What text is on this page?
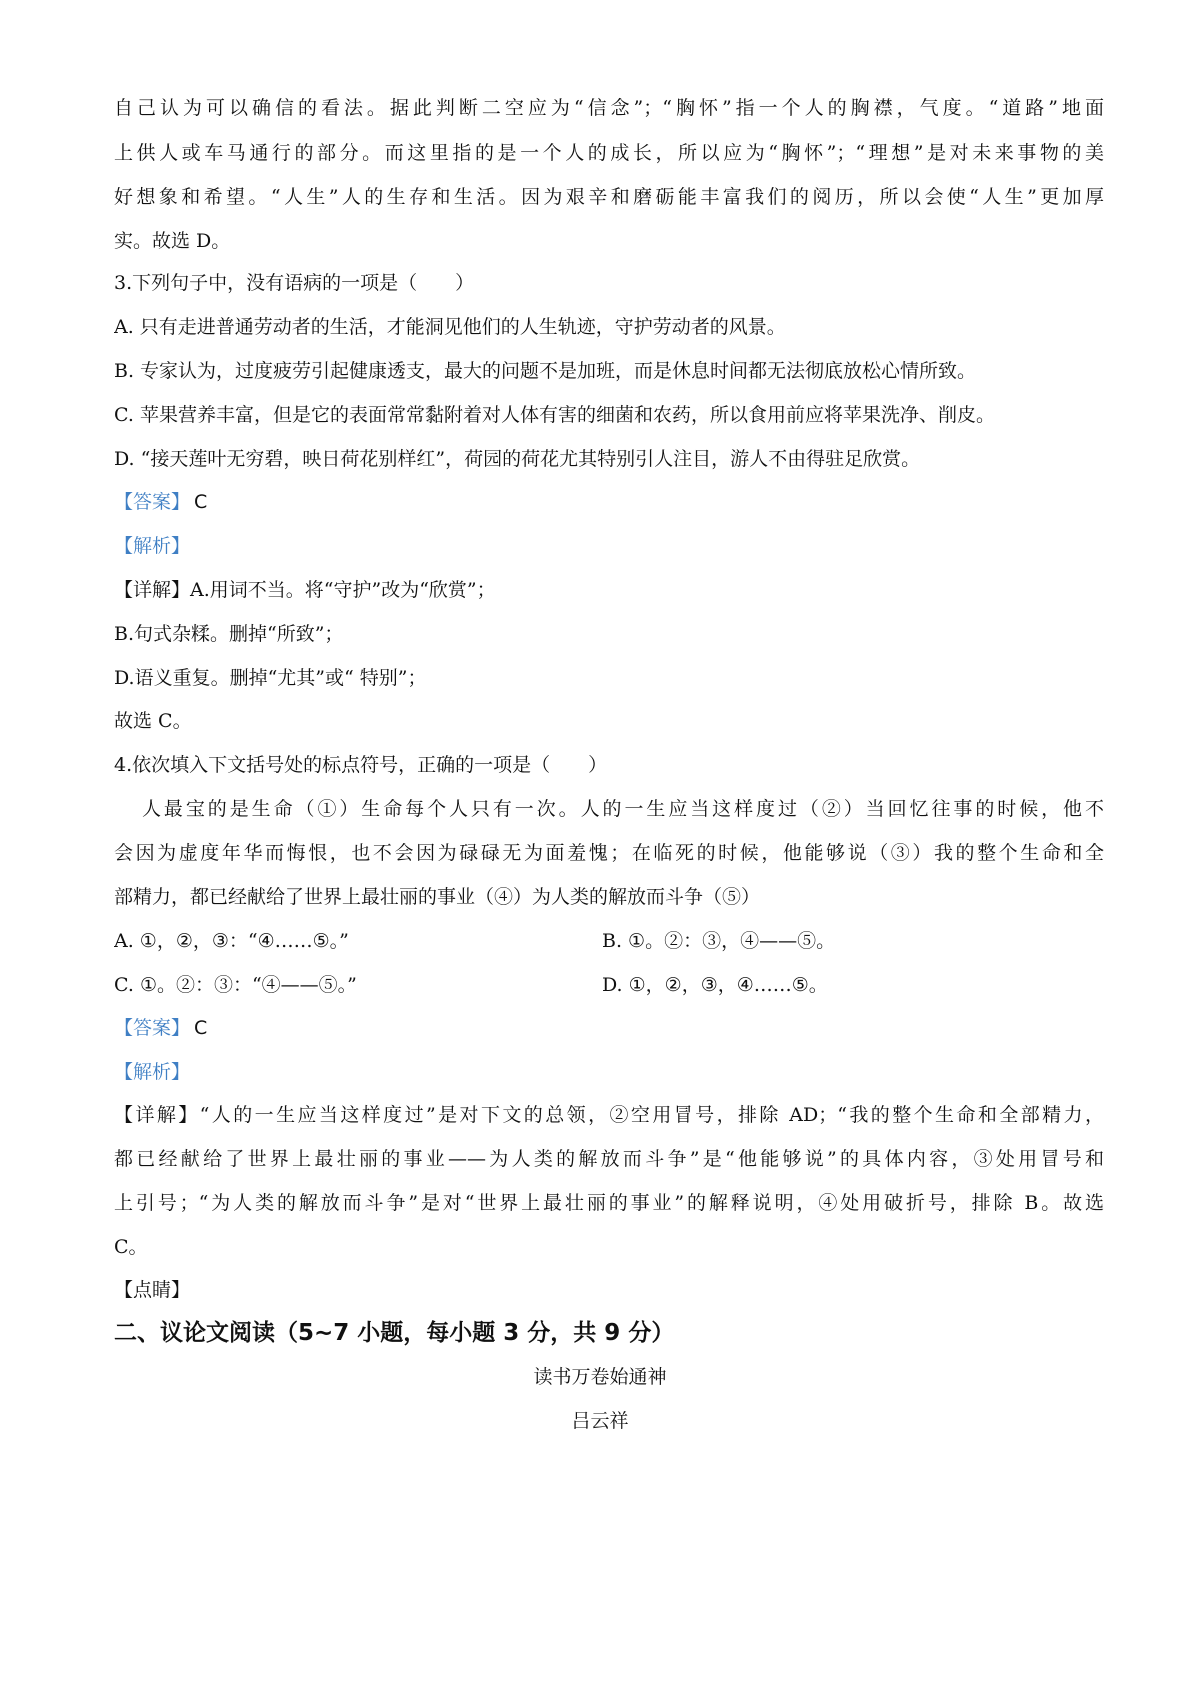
自己认为可以确信的看法。据此判断二空应为“信念”；“胸怀”指一个人的胸襟，气度。“道路”地面
上供人或车马通行的部分。而这里指的是一个人的成长，所以应为“胸怀”；“理想”是对未来事物的美
好想象和希望。“人生”人的生存和生活。因为艰辛和磨砺能丰富我们的阅历，所以会使“人生”更加厚
实。故选 D。
3.下列句子中，没有语病的一项是（　　）
A. 只有走进普通劳动者的生活，才能洞见他们的人生轨迹，守护劳动者的风景。
B. 专家认为，过度疲劳引起健康透支，最大的问题不是加班，而是休息时间都无法彻底放松心情所致。
C. 苹果营养丰富，但是它的表面常常黏附着对人体有害的细菌和农药，所以食用前应将苹果洗净、削皮。
D. “接天莲叶无穷碧，映日荷花别样红”，荷园的荷花尤其特别引人注目，游人不由得驻足欣赏。
【答案】 C
【解析】
【详解】A.用词不当。将“守护”改为“欣赏”；
B.句式杂糅。删掉“所致”；
D.语义重复。删掉“尤其”或“ 特别”；
故选 C。
4.依次填入下文括号处的标点符号，正确的一项是（　　）
人最宝的是生命（①）生命每个人只有一次。人的一生应当这样度过（②）当回忆往事的时候，他不
会因为虚度年华而悔恨，也不会因为碌碌无为面羞愧；在临死的时候，他能够说（③）我的整个生命和全
部精力，都已经献给了世界上最壮丽的事业（④）为人类的解放而斗争（⑤）
A. ①，②，③：“④……⑤。”	B. ①。②：③，④——⑤。
C. ①。②：③：“④——⑤。”	D. ①，②，③，④……⑤。
【答案】 C
【解析】
【详解】“人的一生应当这样度过”是对下文的总领，②空用冒号，排除 AD；“我的整个生命和全部精力，
都已经献给了世界上最壮丽的事业——为人类的解放而斗争”是“他能够说”的具体内容，③处用冒号和
上引号；“为人类的解放而斗争”是对“世界上最壮丽的事业”的解释说明，④处用破折号，排除 B。故选
C。
【点睛】
二、议论文阅读（5~7 小题，每小题 3 分，共 9 分）
读书万卷始通神
吕云祥
